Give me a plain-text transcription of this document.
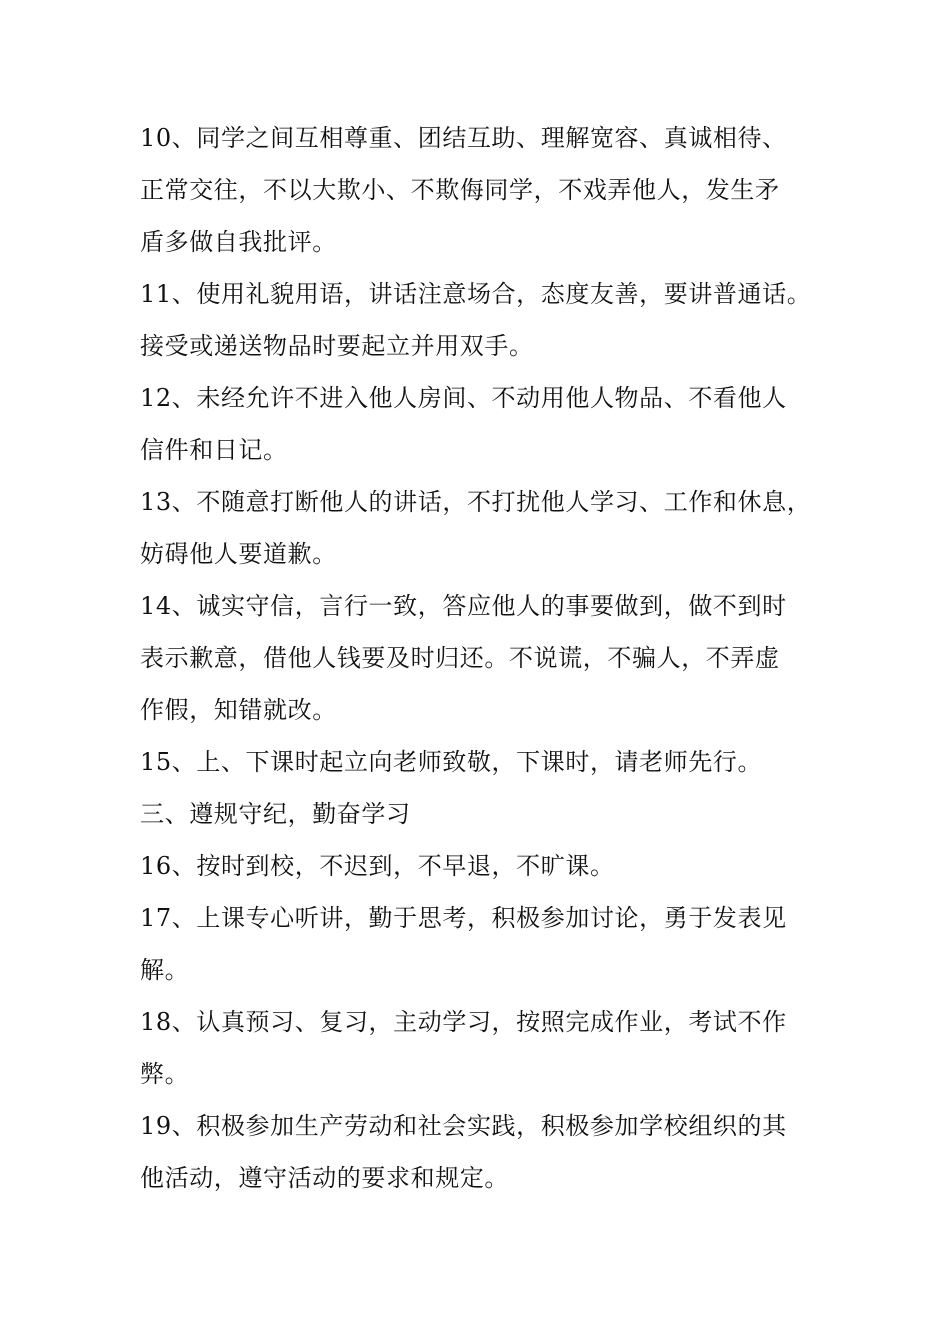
10、同学之间互相尊重、团结互助、理解宽容、真诚相待、
正常交往，不以大欺小、不欺侮同学，不戏弄他人，发生矛
盾多做自我批评。
11、使用礼貌用语，讲话注意场合，态度友善，要讲普通话。
接受或递送物品时要起立并用双手。
12、未经允许不进入他人房间、不动用他人物品、不看他人
信件和日记。
13、不随意打断他人的讲话，不打扰他人学习、工作和休息，
妨碍他人要道歉。
14、诚实守信，言行一致，答应他人的事要做到，做不到时
表示歉意，借他人钱要及时归还。不说谎，不骗人，不弄虚
作假，知错就改。
15、上、下课时起立向老师致敬，下课时，请老师先行。
三、遵规守纪，勤奋学习
16、按时到校，不迟到，不早退，不旷课。
17、上课专心听讲，勤于思考，积极参加讨论，勇于发表见
解。
18、认真预习、复习，主动学习，按照完成作业，考试不作
弊。
19、积极参加生产劳动和社会实践，积极参加学校组织的其
他活动，遵守活动的要求和规定。
